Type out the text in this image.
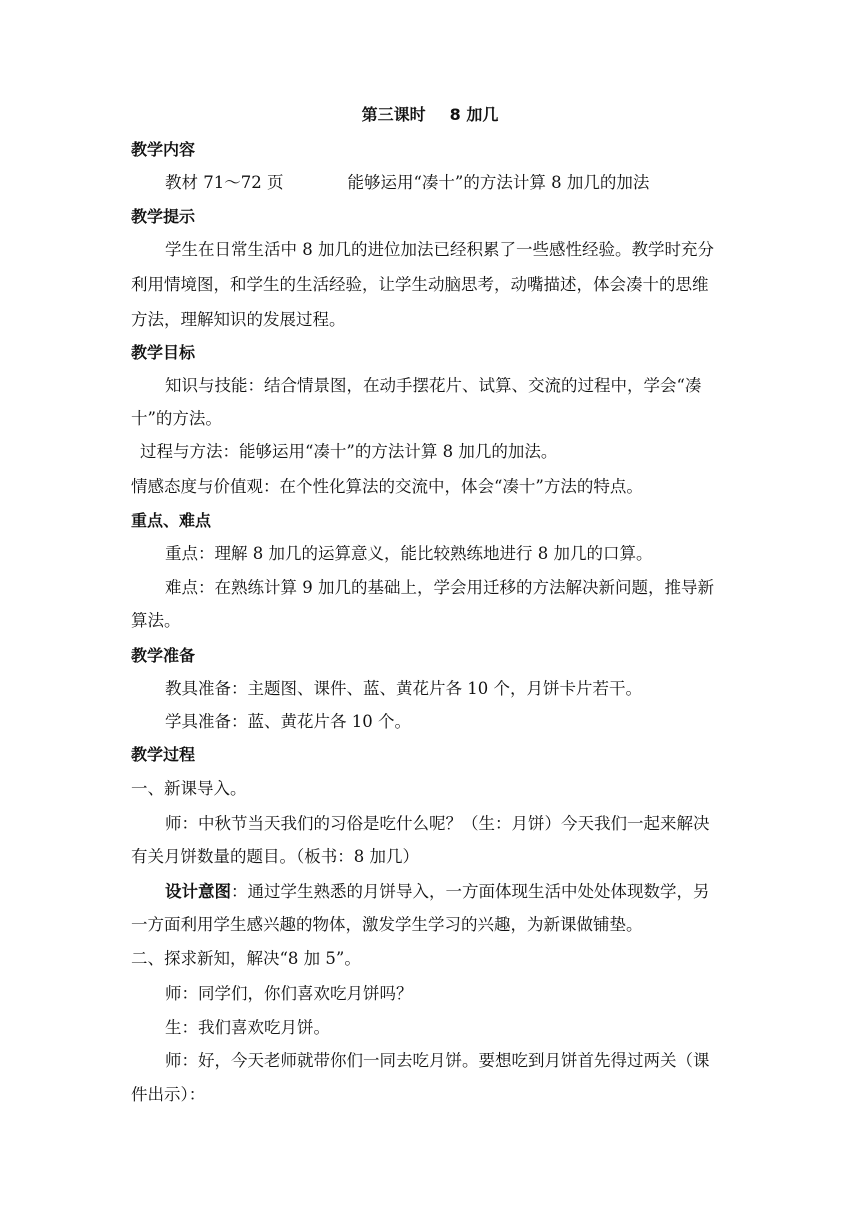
第三课时 8 加几
教学内容
教材 71～72 页	能够运用“凑十”的方法计算 8 加几的加法
教学提示
学生在日常生活中 8 加几的进位加法已经积累了一些感性经验。教学时充分
利用情境图，和学生的生活经验，让学生动脑思考，动嘴描述，体会凑十的思维
方法，理解知识的发展过程。
教学目标
知识与技能：结合情景图，在动手摆花片、试算、交流的过程中，学会“凑
十”的方法。
过程与方法：能够运用“凑十”的方法计算 8 加几的加法。
情感态度与价值观：在个性化算法的交流中，体会“凑十”方法的特点。
重点、难点
重点：理解 8 加几的运算意义，能比较熟练地进行 8 加几的口算。
难点：在熟练计算 9 加几的基础上，学会用迁移的方法解决新问题，推导新
算法。
教学准备
教具准备：主题图、课件、蓝、黄花片各 10 个，月饼卡片若干。
学具准备：蓝、黄花片各 10 个。
教学过程
一、新课导入。
师：中秋节当天我们的习俗是吃什么呢？（生：月饼）今天我们一起来解决
有关月饼数量的题目。（板书：8 加几）
设计意图：通过学生熟悉的月饼导入，一方面体现生活中处处体现数学，另
一方面利用学生感兴趣的物体，激发学生学习的兴趣，为新课做铺垫。
二、探求新知，解决“8 加 5”。
师：同学们，你们喜欢吃月饼吗？
生：我们喜欢吃月饼。
师：好，今天老师就带你们一同去吃月饼。要想吃到月饼首先得过两关（课
件出示）：
